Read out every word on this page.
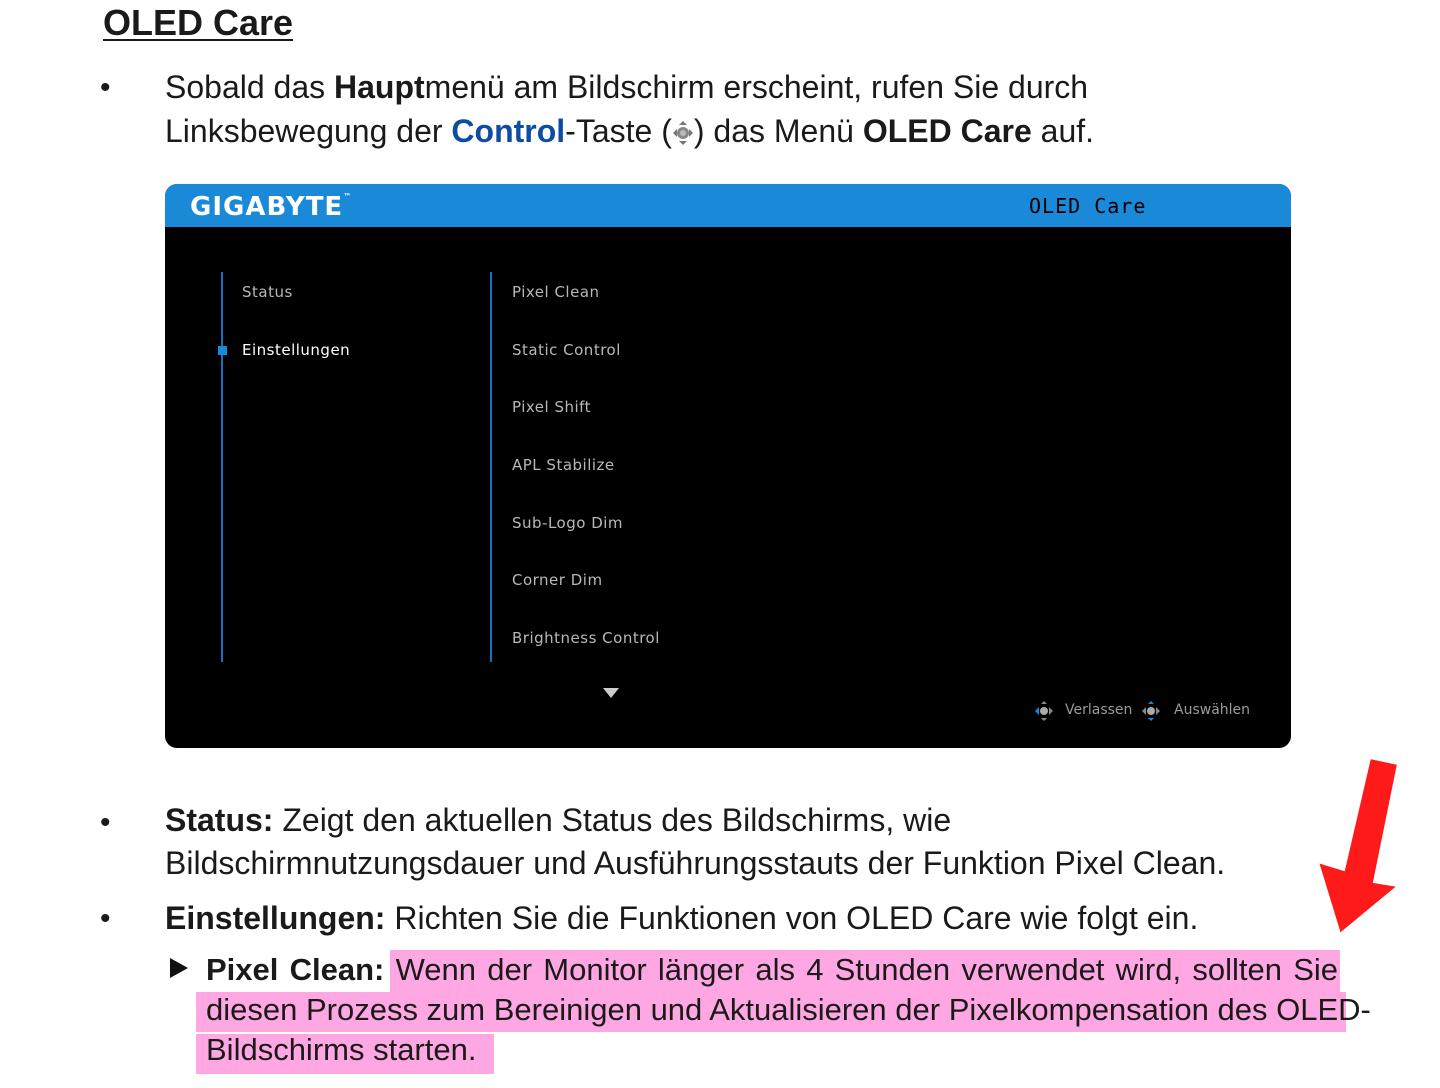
OLED Care
• Sobald das Hauptmenü am Bildschirm erscheint, rufen Sie durch
Linksbewegung der Control-Taste ( ) das Menü OLED Care auf.

GIGABYTE™	OLED Care
Status
Einstellungen
Pixel Clean
Static Control
Pixel Shift
APL Stabilize
Sub-Logo Dim
Corner Dim
Brightness Control
Verlassen	Auswählen
• Status: Zeigt den aktuellen Status des Bildschirms, wie
Bildschirmnutzungsdauer und Ausführungsstauts der Funktion Pixel Clean.

• Einstellungen: Richten Sie die Funktionen von OLED Care wie folgt ein.

Pixel Clean: Wenn der Monitor länger als 4 Stunden verwendet wird, sollten Sie

diesen Prozess zum Bereinigen und Aktualisieren der Pixelkompensation des OLED-

Bildschirms starten.
